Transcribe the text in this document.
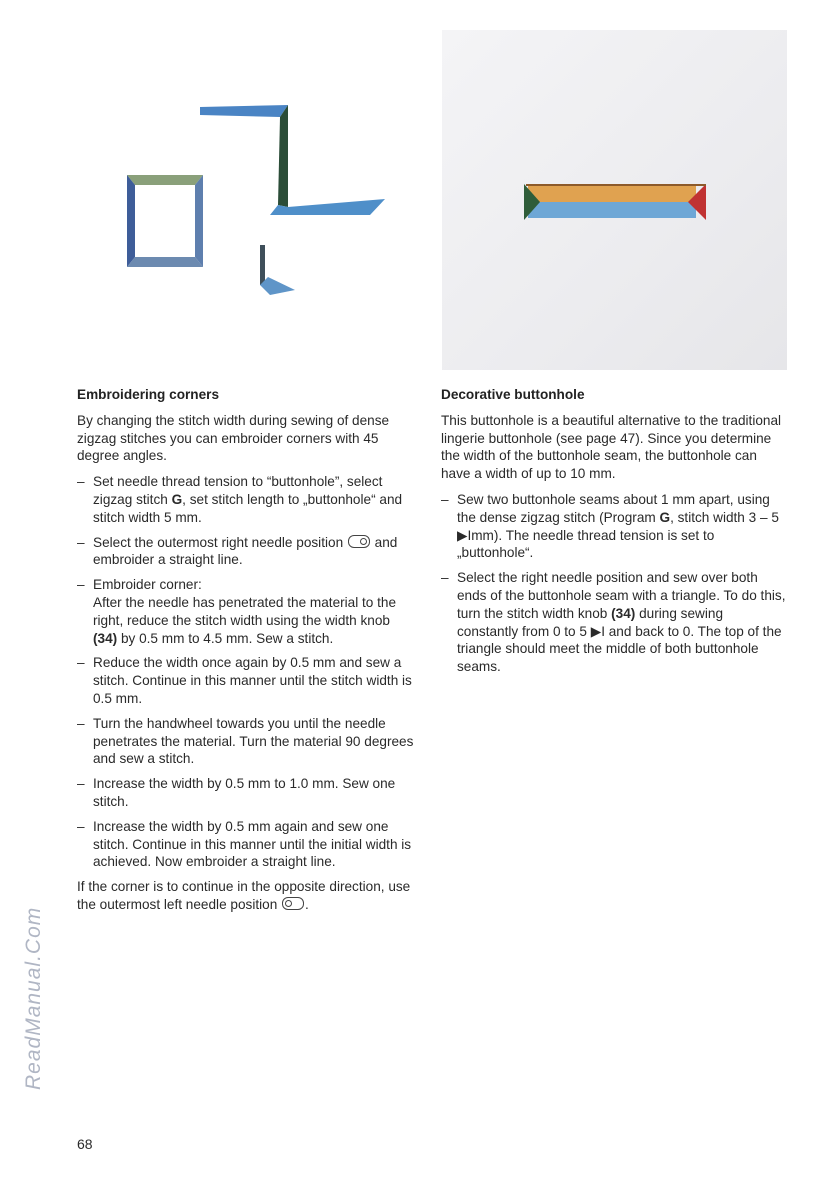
Embroidering corners

By changing the stitch width during sewing of dense zigzag stitches you can embroider corners with 45 degree angles.

– Set needle thread tension to “buttonhole”, select zigzag stitch G, set stitch length to „buttonhole“ and stitch width 5 mm.
– Select the outermost right needle position  and embroider a straight line.
– Embroider corner:
After the needle has penetrated the material to the right, reduce the stitch width using the width knob (34) by 0.5 mm to 4.5 mm. Sew a stitch.
– Reduce the width once again by 0.5 mm and sew a stitch. Continue in this manner until the stitch width is 0.5 mm.
– Turn the handwheel towards you until the needle penetrates the material. Turn the material 90 degrees and sew a stitch.
– Increase the width by 0.5 mm to 1.0 mm. Sew one stitch.
– Increase the width by 0.5 mm again and sew one stitch. Continue in this manner until the initial width is achieved. Now embroider a straight line.

If the corner is to continue in the opposite direction, use the outermost left needle position .

Decorative buttonhole

This buttonhole is a beautiful alternative to the traditional lingerie buttonhole (see page 47). Since you determine the width of the buttonhole seam, the buttonhole can have a width of up to 10 mm.

– Sew two buttonhole seams about 1 mm apart, using the dense zigzag stitch (Program G, stitch width 3 – 5 ▶Imm). The needle thread tension is set to „buttonhole“.
– Select the right needle position and sew over both ends of the buttonhole seam with a triangle. To do this, turn the stitch width knob (34) during sewing constantly from 0 to 5 ▶I and back to 0. The top of the triangle should meet the middle of both buttonhole seams.
ReadManual.Com
68
